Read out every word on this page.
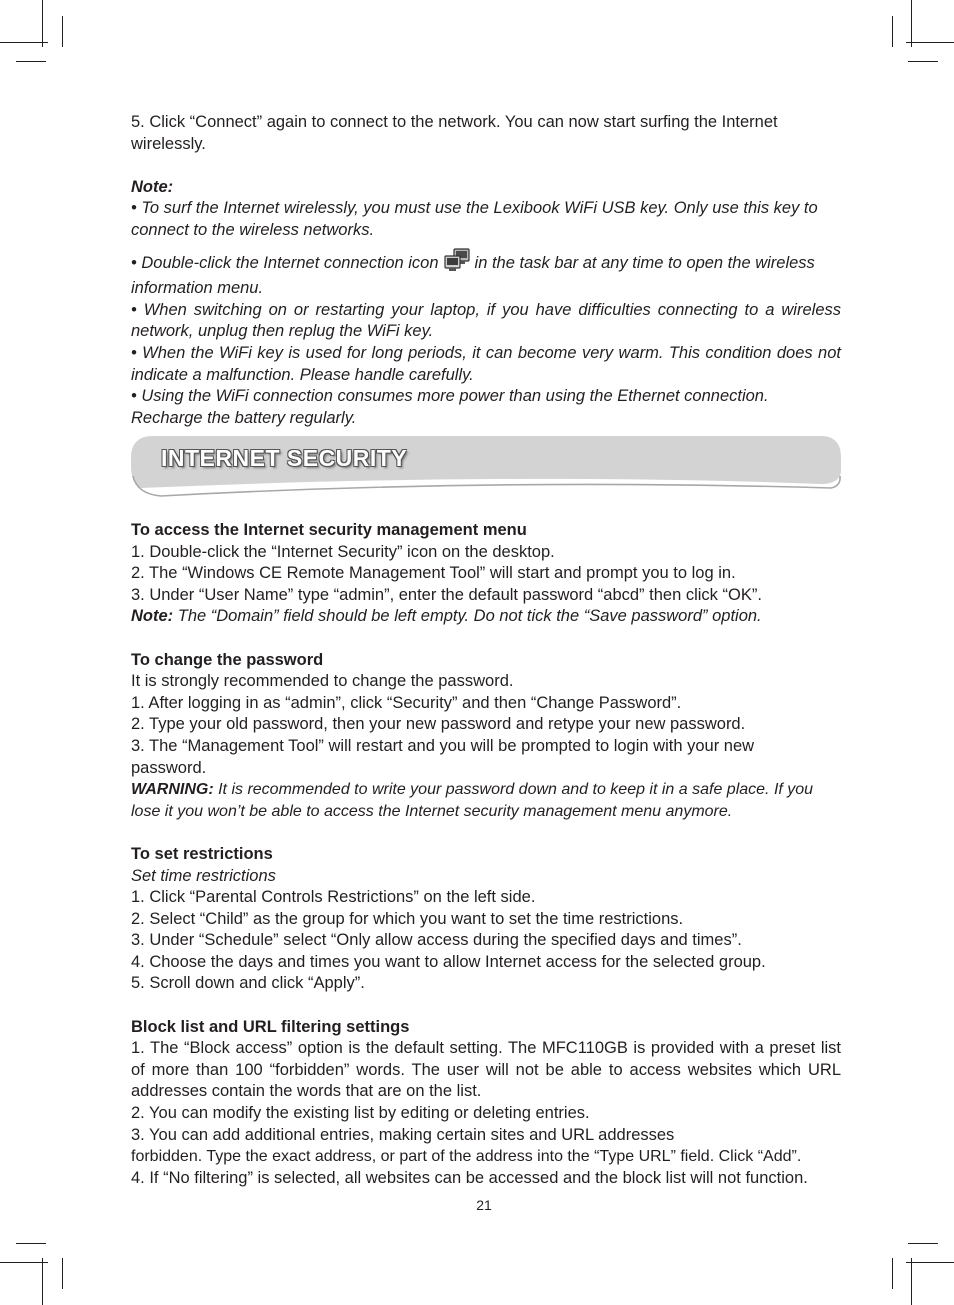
5. Click “Connect” again to connect to the network. You can now start surfing the Internet wirelessly.

Note:

• To surf the Internet wirelessly, you must use the Lexibook WiFi USB key. Only use this key to connect to the wireless networks.

• Double-click the Internet connection icon in the task bar at any time to open the wireless information menu.

• When switching on or restarting your laptop, if you have difficulties connecting to a wireless network, unplug then replug the WiFi key.

• When the WiFi key is used for long periods, it can become very warm. This condition does not indicate a malfunction. Please handle carefully.

• Using the WiFi connection consumes more power than using the Ethernet connection. Recharge the battery regularly.

INTERNET SECURITY

To access the Internet security management menu

1. Double-click the “Internet Security” icon on the desktop.

2. The “Windows CE Remote Management Tool” will start and prompt you to log in.

3. Under “User Name” type “admin”, enter the default password “abcd” then click “OK”.

Note: The “Domain” field should be left empty. Do not tick the “Save password” option.

To change the password

It is strongly recommended to change the password.

1. After logging in as “admin”, click “Security” and then “Change Password”.

2. Type your old password, then your new password and retype your new password.

3. The “Management Tool” will restart and you will be prompted to login with your new

password.

WARNING: It is recommended to write your password down and to keep it in a safe place. If you lose it you won’t be able to access the Internet security management menu anymore.

To set restrictions

Set time restrictions

1. Click “Parental Controls Restrictions” on the left side.

2. Select “Child” as the group for which you want to set the time restrictions.

3. Under “Schedule” select “Only allow access during the specified days and times”.

4. Choose the days and times you want to allow Internet access for the selected group.

5. Scroll down and click “Apply”.

Block list and URL filtering settings

1. The “Block access” option is the default setting. The MFC110GB is provided with a preset list of more than 100 “forbidden” words. The user will not be able to access websites which URL addresses contain the words that are on the list.

2. You can modify the existing list by editing or deleting entries.

3. You can add additional entries, making certain sites and URL addresses

forbidden. Type the exact address, or part of the address into the “Type URL” field. Click “Add”.

4. If “No filtering” is selected, all websites can be accessed and the block list will not function.

21
